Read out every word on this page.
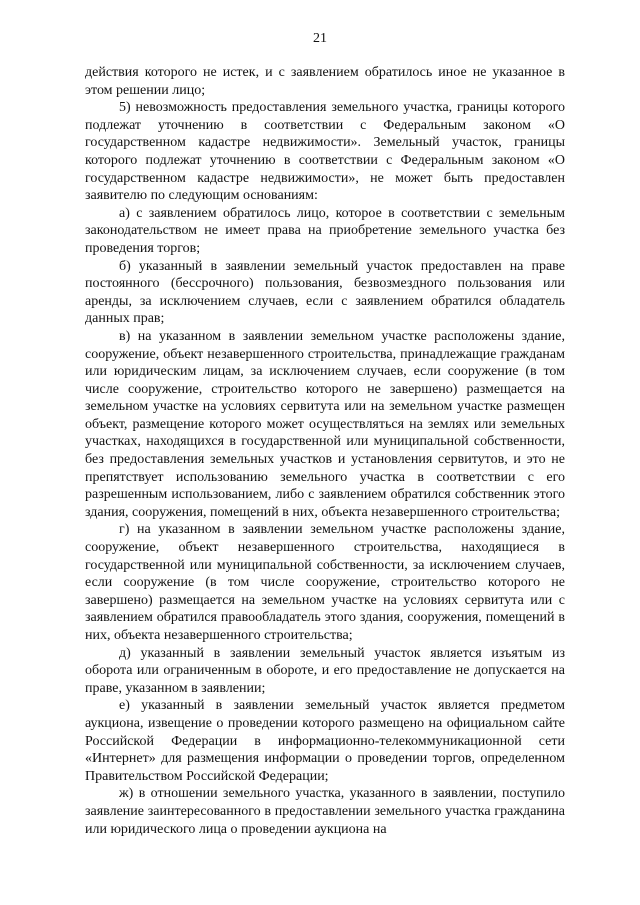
21

действия которого не истек, и с заявлением обратилось иное не указанное в этом решении лицо;

5) невозможность предоставления земельного участка, границы которого подлежат уточнению в соответствии с Федеральным законом «О государственном кадастре недвижимости». Земельный участок, границы которого подлежат уточнению в соответствии с Федеральным законом «О государственном кадастре недвижимости», не может быть предоставлен заявителю по следующим основаниям:

а) с заявлением обратилось лицо, которое в соответствии с земельным законодательством не имеет права на приобретение земельного участка без проведения торгов;

б) указанный в заявлении земельный участок предоставлен на праве постоянного (бессрочного) пользования, безвозмездного пользования или аренды, за исключением случаев, если с заявлением обратился обладатель данных прав;

в) на указанном в заявлении земельном участке расположены здание, сооружение, объект незавершенного строительства, принадлежащие гражданам или юридическим лицам, за исключением случаев, если сооружение (в том числе сооружение, строительство которого не завершено) размещается на земельном участке на условиях сервитута или на земельном участке размещен объект, размещение которого может осуществляться на землях или земельных участках, находящихся в государственной или муниципальной собственности, без предоставления земельных участков и установления сервитутов, и это не препятствует использованию земельного участка в соответствии с его разрешенным использованием, либо с заявлением обратился собственник этого здания, сооружения, помещений в них, объекта незавершенного строительства;

г) на указанном в заявлении земельном участке расположены здание, сооружение, объект незавершенного строительства, находящиеся в государственной или муниципальной собственности, за исключением случаев, если сооружение (в том числе сооружение, строительство которого не завершено) размещается на земельном участке на условиях сервитута или с заявлением обратился правообладатель этого здания, сооружения, помещений в них, объекта незавершенного строительства;

д) указанный в заявлении земельный участок является изъятым из оборота или ограниченным в обороте, и его предоставление не допускается на праве, указанном в заявлении;

е) указанный в заявлении земельный участок является предметом аукциона, извещение о проведении которого размещено на официальном сайте Российской Федерации в информационно-телекоммуникационной сети «Интернет» для размещения информации о проведении торгов, определенном Правительством Российской Федерации;

ж) в отношении земельного участка, указанного в заявлении, поступило заявление заинтересованного в предоставлении земельного участка гражданина или юридического лица о проведении аукциона на
